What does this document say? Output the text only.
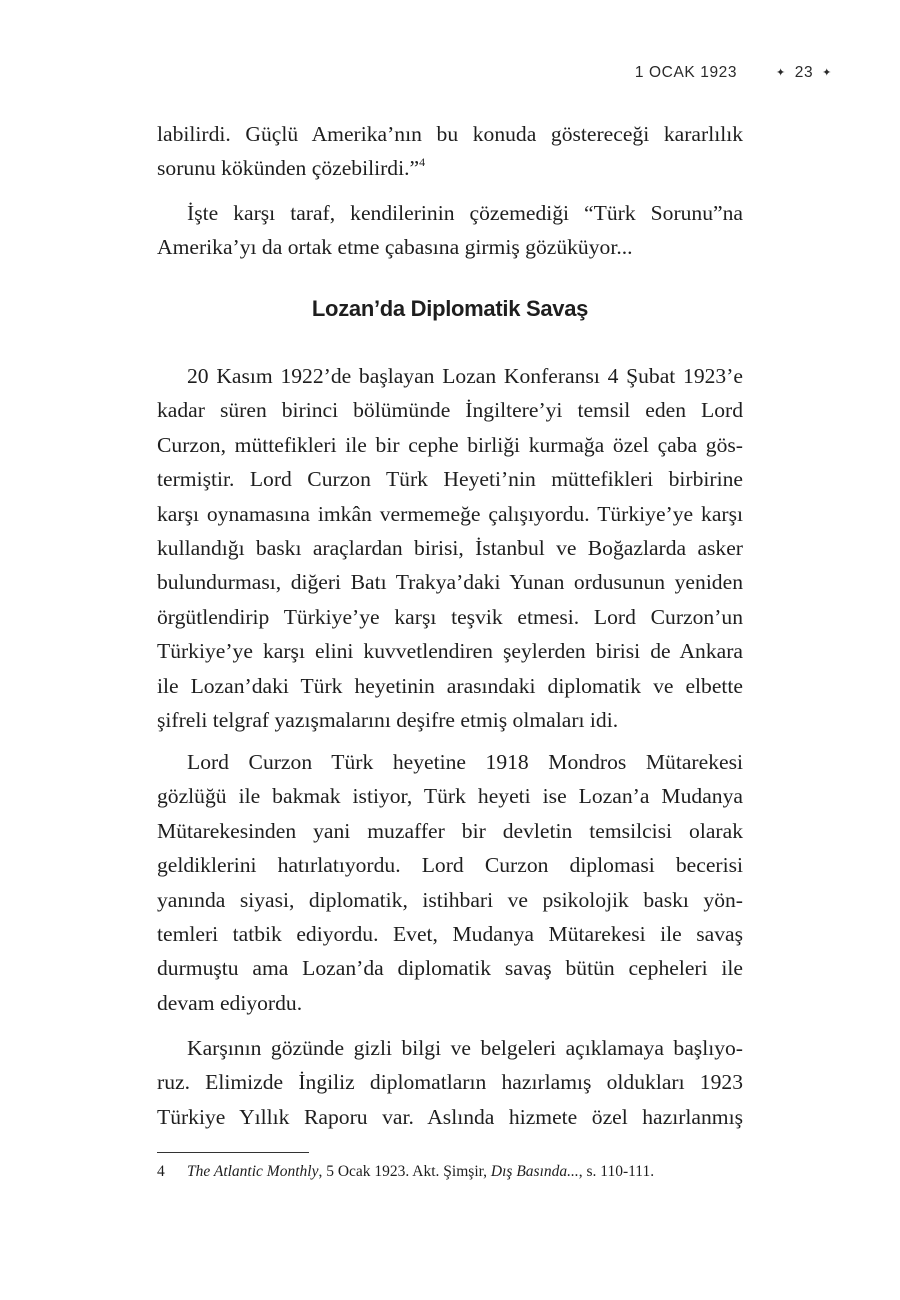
1 OCAK 1923	✦ 23 ✦
labilirdi. Güçlü Amerika’nın bu konuda göstereceği kararlılık
sorunu kökünden çözebilirdi.”$^4$
İşte karşı taraf, kendilerinin çözemediği “Türk Sorunu”na
Amerika’yı da ortak etme çabasına girmiş gözüküyor...
Lozan’da Diplomatik Savaş
20 Kasım 1922’de başlayan Lozan Konferansı 4 Şubat 1923’e
kadar süren birinci bölümünde İngiltere’yi temsil eden Lord
Curzon, müttefikleri ile bir cephe birliği kurmağa özel çaba gös-
termiştir. Lord Curzon Türk Heyeti’nin müttefikleri birbirine
karşı oynamasına imkân vermemeğe çalışıyordu. Türkiye’ye karşı
kullandığı baskı araçlardan birisi, İstanbul ve Boğazlarda asker
bulundurması, diğeri Batı Trakya’daki Yunan ordusunun yeniden
örgütlendirip Türkiye’ye karşı teşvik etmesi. Lord Curzon’un
Türkiye’ye karşı elini kuvvetlendiren şeylerden birisi de Ankara
ile Lozan’daki Türk heyetinin arasındaki diplomatik ve elbette
şifreli telgraf yazışmalarını deşifre etmiş olmaları idi.
Lord Curzon Türk heyetine 1918 Mondros Mütarekesi
gözlüğü ile bakmak istiyor, Türk heyeti ise Lozan’a Mudanya
Mütarekesinden yani muzaffer bir devletin temsilcisi olarak
geldiklerini hatırlatıyordu. Lord Curzon diplomasi becerisi
yanında siyasi, diplomatik, istihbari ve psikolojik baskı yön-
temleri tatbik ediyordu. Evet, Mudanya Mütarekesi ile savaş
durmuştu ama Lozan’da diplomatik savaş bütün cepheleri ile
devam ediyordu.
Karşının gözünde gizli bilgi ve belgeleri açıklamaya başlıyo-
ruz. Elimizde İngiliz diplomatların hazırlamış oldukları 1923
Türkiye Yıllık Raporu var. Aslında hizmete özel hazırlanmış
4 The Atlantic Monthly, 5 Ocak 1923. Akt. Şimşir, Dış Basında..., s. 110-111.
